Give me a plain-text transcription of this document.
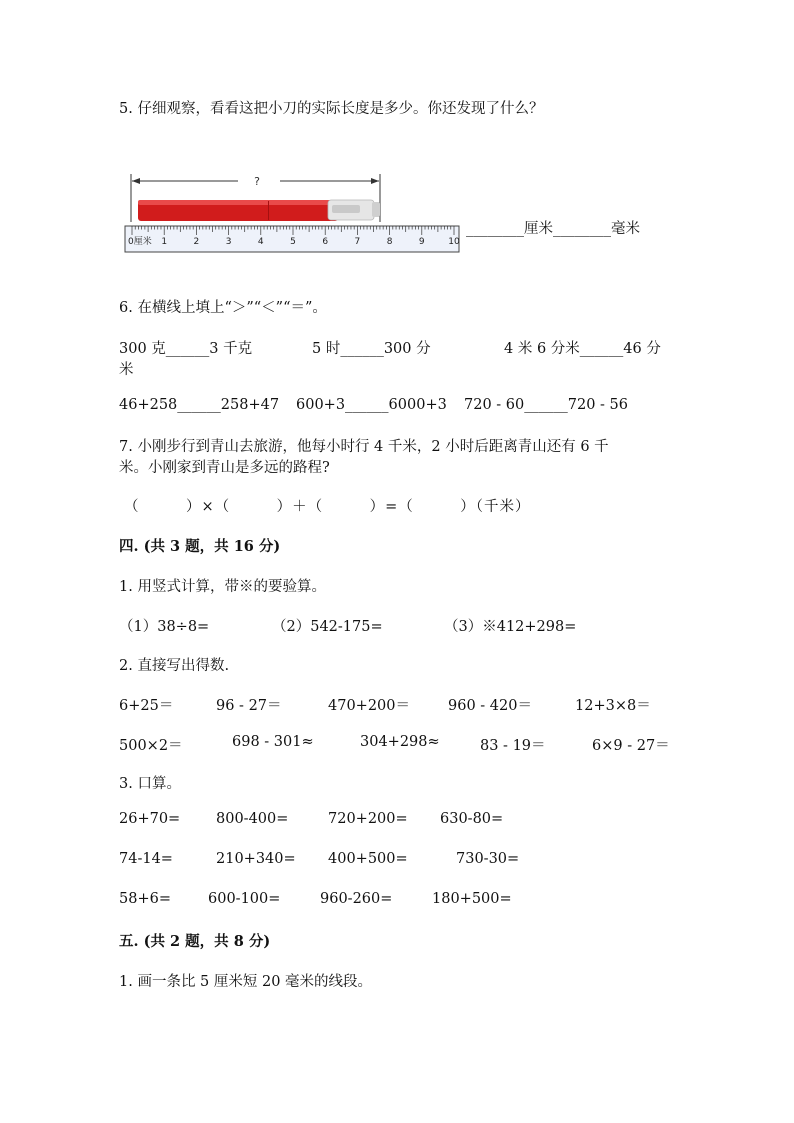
5. 仔细观察，看看这把小刀的实际长度是多少。你还发现了什么？
?
0厘米 1	2	3	4	5	6	7	8	9	10
________厘米________毫米
6. 在横线上填上“＞”“＜”“＝”。
300 克______3 千克	5 时______300 分	4 米 6 分米______46 分
米
46+258______258+47 600+3______6000+3 720 - 60______720 - 56
7. 小刚步行到青山去旅游，他每小时行 4 千米，2 小时后距离青山还有 6 千
米。小刚家到青山是多远的路程?
（　　　）×（　　　）＋（　　　）=（　　　）（千米）
四. (共 3 题，共 16 分)
1. 用竖式计算，带※的要验算。
（1）38÷8=	（2）542-175=	（3）※412+298=
2. 直接写出得数.
6+25＝	96 - 27＝	470+200＝	960 - 420＝	12+3×8＝
500×2＝	698 - 301≈	304+298≈	83 - 19＝	6×9 - 27＝
3. 口算。
26+70= 800-400=	720+200= 630-80=
74-14=	210+340= 400+500=	730-30=
58+6=	600-100=	960-260=	180+500=
五. (共 2 题，共 8 分)
1. 画一条比 5 厘米短 20 毫米的线段。
